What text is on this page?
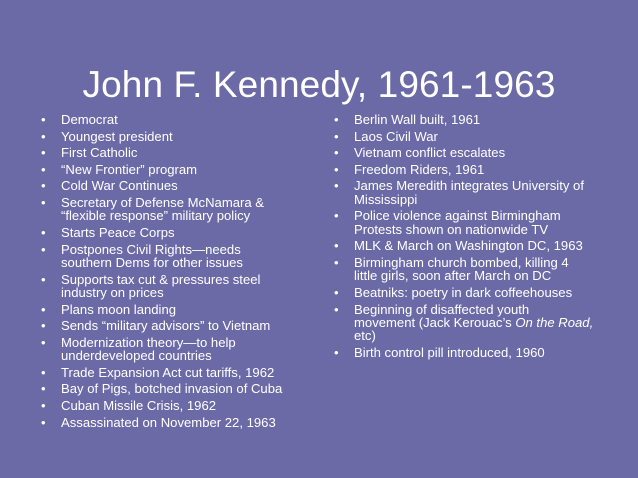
John F. Kennedy, 1961-1963
• Democrat
• Youngest president
• First Catholic
• “New Frontier” program
• Cold War Continues
• Secretary of Defense McNamara &
“flexible response” military policy
• Starts Peace Corps
• Postpones Civil Rights—needs
southern Dems for other issues
• Supports tax cut & pressures steel
industry on prices
• Plans moon landing
• Sends “military advisors” to Vietnam
• Modernization theory—to help
underdeveloped countries
• Trade Expansion Act cut tariffs, 1962
• Bay of Pigs, botched invasion of Cuba
• Cuban Missile Crisis, 1962
• Assassinated on November 22, 1963
• Berlin Wall built, 1961
• Laos Civil War
• Vietnam conflict escalates
• Freedom Riders, 1961
• James Meredith integrates University of
Mississippi
• Police violence against Birmingham
Protests shown on nationwide TV
• MLK & March on Washington DC, 1963
• Birmingham church bombed, killing 4
little girls, soon after March on DC
• Beatniks: poetry in dark coffeehouses
• Beginning of disaffected youth
movement (Jack Kerouac’s On the Road,
etc)
• Birth control pill introduced, 1960
